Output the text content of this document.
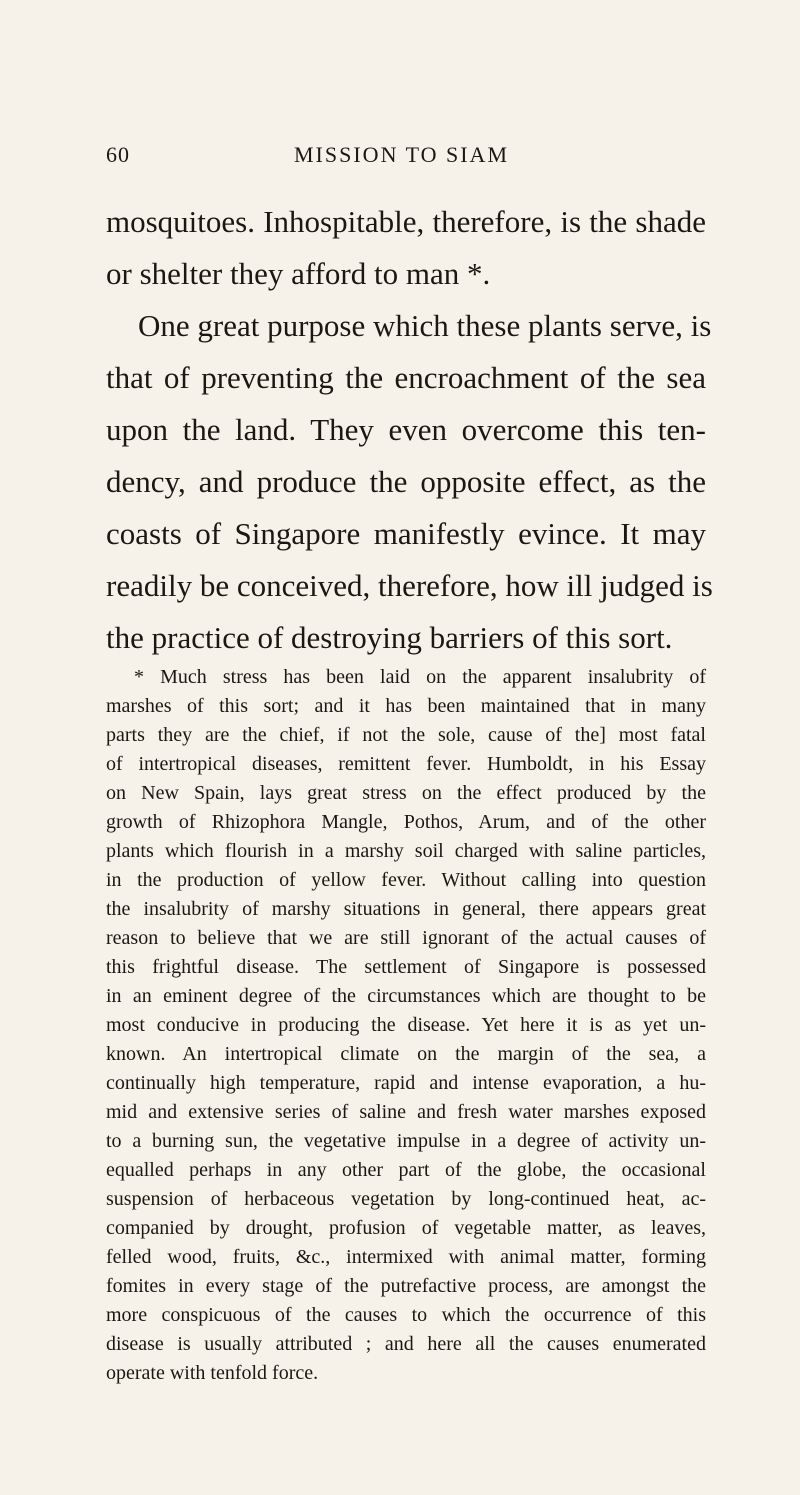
60	MISSION TO SIAM
mosquitoes. Inhospitable, therefore, is the shade
or shelter they afford to man *.
One great purpose which these plants serve, is
that of preventing the encroachment of the sea
upon the land. They even overcome this ten-
dency, and produce the opposite effect, as the
coasts of Singapore manifestly evince. It may
readily be conceived, therefore, how ill judged is
the practice of destroying barriers of this sort.
* Much stress has been laid on the apparent insalubrity of
marshes of this sort; and it has been maintained that in many
parts they are the chief, if not the sole, cause of the] most fatal
of intertropical diseases, remittent fever. Humboldt, in his Essay
on New Spain, lays great stress on the effect produced by the
growth of Rhizophora Mangle, Pothos, Arum, and of the other
plants which flourish in a marshy soil charged with saline particles,
in the production of yellow fever. Without calling into question
the insalubrity of marshy situations in general, there appears great
reason to believe that we are still ignorant of the actual causes of
this frightful disease. The settlement of Singapore is possessed
in an eminent degree of the circumstances which are thought to be
most conducive in producing the disease. Yet here it is as yet un-
known. An intertropical climate on the margin of the sea, a
continually high temperature, rapid and intense evaporation, a hu-
mid and extensive series of saline and fresh water marshes exposed
to a burning sun, the vegetative impulse in a degree of activity un-
equalled perhaps in any other part of the globe, the occasional
suspension of herbaceous vegetation by long-continued heat, ac-
companied by drought, profusion of vegetable matter, as leaves,
felled wood, fruits, &c., intermixed with animal matter, forming
fomites in every stage of the putrefactive process, are amongst the
more conspicuous of the causes to which the occurrence of this
disease is usually attributed ; and here all the causes enumerated
operate with tenfold force.
